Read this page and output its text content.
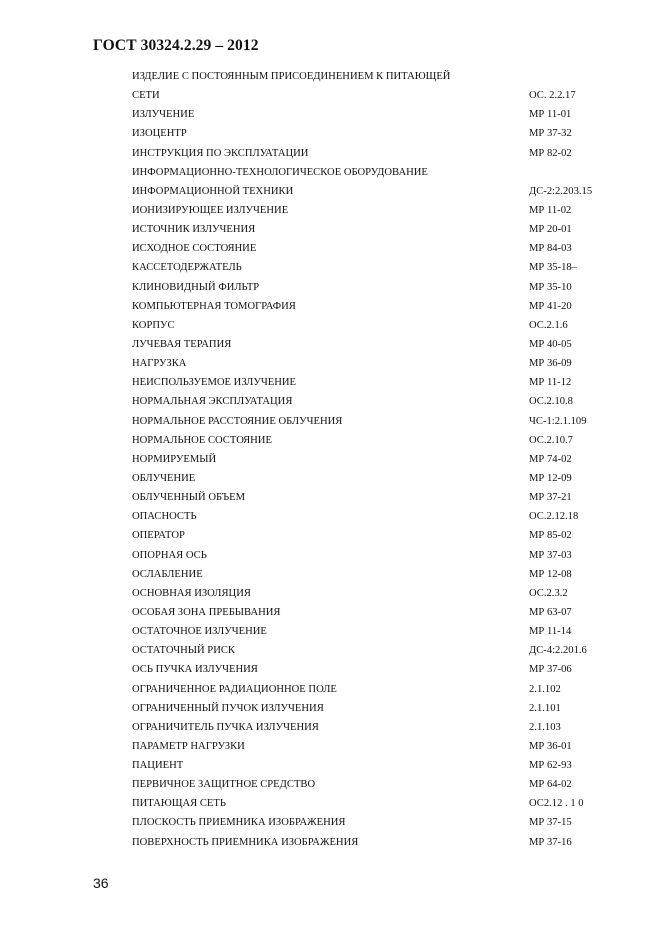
ГОСТ 30324.2.29 – 2012
ИЗДЕЛИЕ С ПОСТОЯННЫМ ПРИСОЕДИНЕНИЕМ К ПИТАЮЩЕЙ
СЕТИ	ОС. 2.2.17
ИЗЛУЧЕНИЕ	МР 11-01
ИЗОЦЕНТР	МР 37-32
ИНСТРУКЦИЯ ПО ЭКСПЛУАТАЦИИ	МР 82-02
ИНФОРМАЦИОННО-ТЕХНОЛОГИЧЕСКОЕ ОБОРУДОВАНИЕ
ИНФОРМАЦИОННОЙ ТЕХНИКИ	ДС-2:2.203.15
ИОНИЗИРУЮЩЕЕ ИЗЛУЧЕНИЕ	МР 11-02
ИСТОЧНИК ИЗЛУЧЕНИЯ	МР 20-01
ИСХОДНОЕ СОСТОЯНИЕ	МР 84-03
КАССЕТОДЕРЖАТЕЛЬ	МР 35-18–
КЛИНОВИДНЫЙ ФИЛЬТР	МР 35-10
КОМПЬЮТЕРНАЯ ТОМОГРАФИЯ	МР 41-20
КОРПУС	ОС.2.1.6
ЛУЧЕВАЯ ТЕРАПИЯ	МР 40-05
НАГРУЗКА	МР 36-09
НЕИСПОЛЬЗУЕМОЕ ИЗЛУЧЕНИЕ	МР 11-12
НОРМАЛЬНАЯ ЭКСПЛУАТАЦИЯ	ОС.2.10.8
НОРМАЛЬНОЕ РАССТОЯНИЕ ОБЛУЧЕНИЯ	ЧС-1:2.1.109
НОРМАЛЬНОЕ СОСТОЯНИЕ	ОС.2.10.7
НОРМИРУЕМЫЙ	МР 74-02
ОБЛУЧЕНИЕ	МР 12-09
ОБЛУЧЕННЫЙ ОБЪЕМ	МР 37-21
ОПАСНОСТЬ	ОС.2.12.18
ОПЕРАТОР	МР 85-02
ОПОРНАЯ ОСЬ	МР 37-03
ОСЛАБЛЕНИЕ	МР 12-08
ОСНОВНАЯ ИЗОЛЯЦИЯ	ОС.2.3.2
ОСОБАЯ ЗОНА ПРЕБЫВАНИЯ	МР 63-07
ОСТАТОЧНОЕ ИЗЛУЧЕНИЕ	МР 11-14
ОСТАТОЧНЫЙ РИСК	ДС-4:2.201.6
ОСЬ ПУЧКА ИЗЛУЧЕНИЯ	МР 37-06
ОГРАНИЧЕННОЕ РАДИАЦИОННОЕ ПОЛЕ	2.1.102
ОГРАНИЧЕННЫЙ ПУЧОК ИЗЛУЧЕНИЯ	2.1.101
ОГРАНИЧИТЕЛЬ ПУЧКА ИЗЛУЧЕНИЯ	2.1.103
ПАРАМЕТР НАГРУЗКИ	МР 36-01
ПАЦИЕНТ	МР 62-93
ПЕРВИЧНОЕ ЗАЩИТНОЕ СРЕДСТВО	МР 64-02
ПИТАЮЩАЯ СЕТЬ	ОС2.12 . 1 0
ПЛОСКОСТЬ ПРИЕМНИКА ИЗОБРАЖЕНИЯ	МР 37-15
ПОВЕРХНОСТЬ ПРИЕМНИКА ИЗОБРАЖЕНИЯ	МР 37-16
36
